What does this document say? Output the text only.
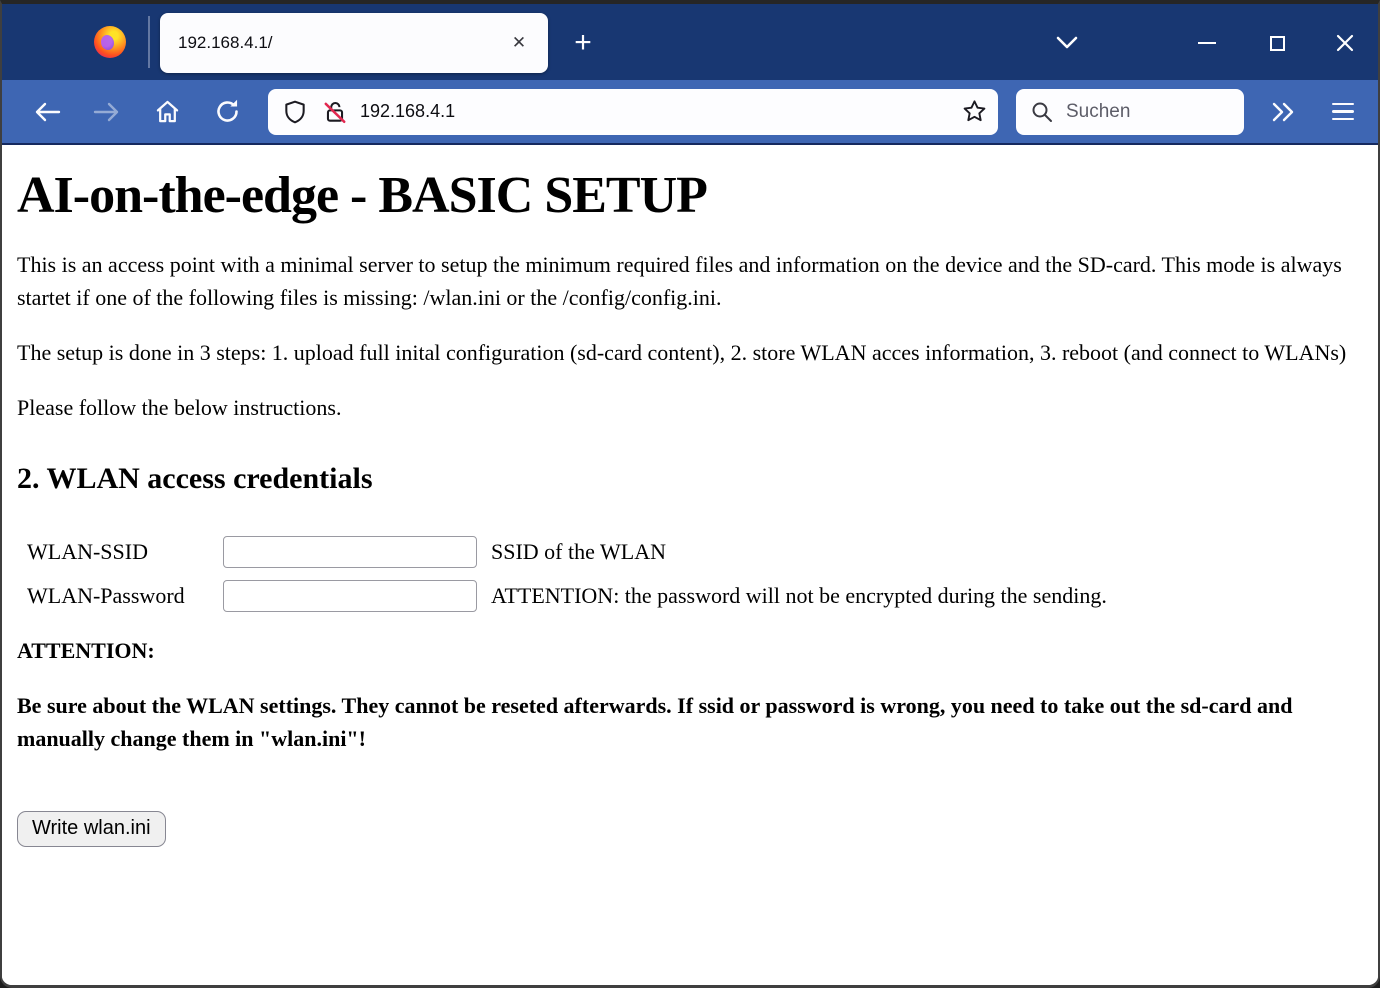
192.168.4.1/	✕	+
192.168.4.1	Suchen
AI-on-the-edge - BASIC SETUP

This is an access point with a minimal server to setup the minimum required files and information on the device and the SD-card. This mode is always startet if one of the following files is missing: /wlan.ini or the /config/config.ini.

The setup is done in 3 steps: 1. upload full inital configuration (sd-card content), 2. store WLAN acces information, 3. reboot (and connect to WLANs)

Please follow the below instructions.

2. WLAN access credentials
WLAN-SSID	SSID of the WLAN
WLAN-Password	ATTENTION: the password will not be encrypted during the sending.

ATTENTION:

Be sure about the WLAN settings. They cannot be reseted afterwards. If ssid or password is wrong, you need to take out the sd-card and manually change them in "wlan.ini"!

Write wlan.ini
